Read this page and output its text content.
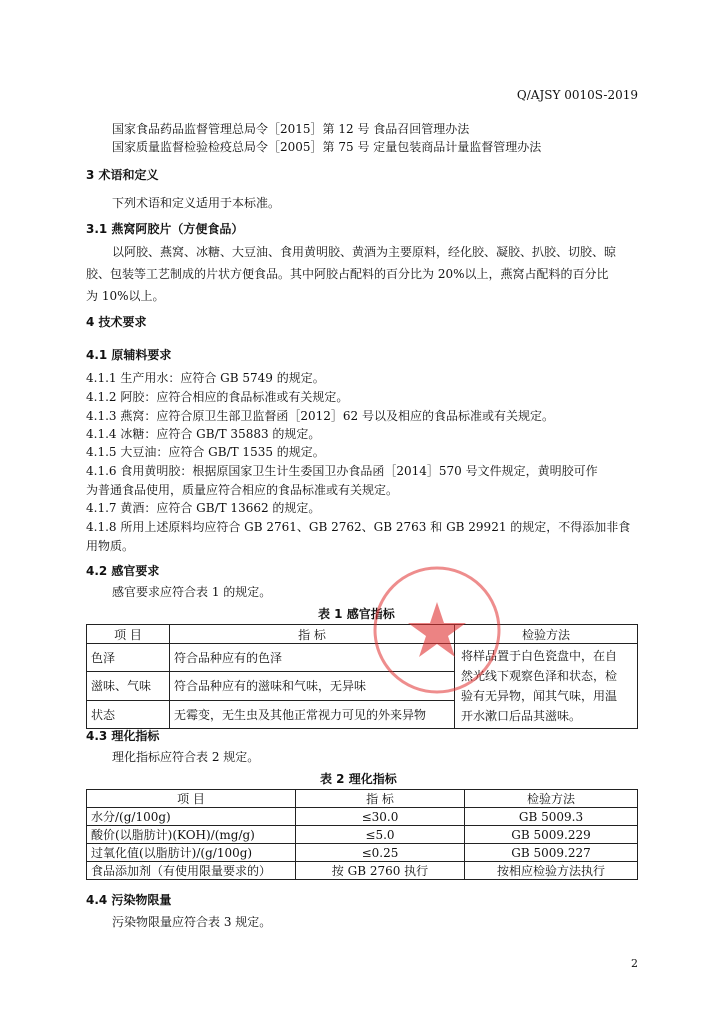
Q/AJSY 0010S-2019
国家食品药品监督管理总局令［2015］第 12 号 食品召回管理办法
国家质量监督检验检疫总局令［2005］第 75 号 定量包装商品计量监督管理办法
3 术语和定义
下列术语和定义适用于本标准。
3.1 燕窝阿胶片（方便食品）
以阿胶、燕窝、冰糖、大豆油、食用黄明胶、黄酒为主要原料，经化胶、凝胶、扒胶、切胶、晾
胶、包装等工艺制成的片状方便食品。其中阿胶占配料的百分比为 20%以上，燕窝占配料的百分比
为 10%以上。
4 技术要求
4.1 原辅料要求
4.1.1 生产用水：应符合 GB 5749 的规定。
4.1.2 阿胶：应符合相应的食品标准或有关规定。
4.1.3 燕窝：应符合原卫生部卫监督函［2012］62 号以及相应的食品标准或有关规定。
4.1.4 冰糖：应符合 GB/T 35883 的规定。
4.1.5 大豆油：应符合 GB/T 1535 的规定。
4.1.6 食用黄明胶：根据原国家卫生计生委国卫办食品函［2014］570 号文件规定，黄明胶可作
为普通食品使用，质量应符合相应的食品标准或有关规定。
4.1.7 黄酒：应符合 GB/T 13662 的规定。
4.1.8 所用上述原料均应符合 GB 2761、GB 2762、GB 2763 和 GB 29921 的规定，不得添加非食
用物质。
4.2 感官要求
感官要求应符合表 1 的规定。
表 1 感官指标
项 目	指 标	检验方法
色泽	符合品种应有的色泽	将样品置于白色瓷盘中，在自
然光线下观察色泽和状态，检
验有无异物，闻其气味，用温
开水漱口后品其滋味。

滋味、气味	符合品种应有的滋味和气味，无异味	
状态	无霉变，无生虫及其他正常视力可见的外来异物	
4.3 理化指标
理化指标应符合表 2 规定。
表 2 理化指标
项 目	指 标	检验方法
水分/(g/100g)	≤30.0	GB 5009.3
酸价(以脂肪计)(KOH)/(mg/g)	≤5.0	GB 5009.229
过氧化值(以脂肪计)/(g/100g)	≤0.25	GB 5009.227
食品添加剂（有使用限量要求的）	按 GB 2760 执行	按相应检验方法执行
4.4 污染物限量
污染物限量应符合表 3 规定。
2
